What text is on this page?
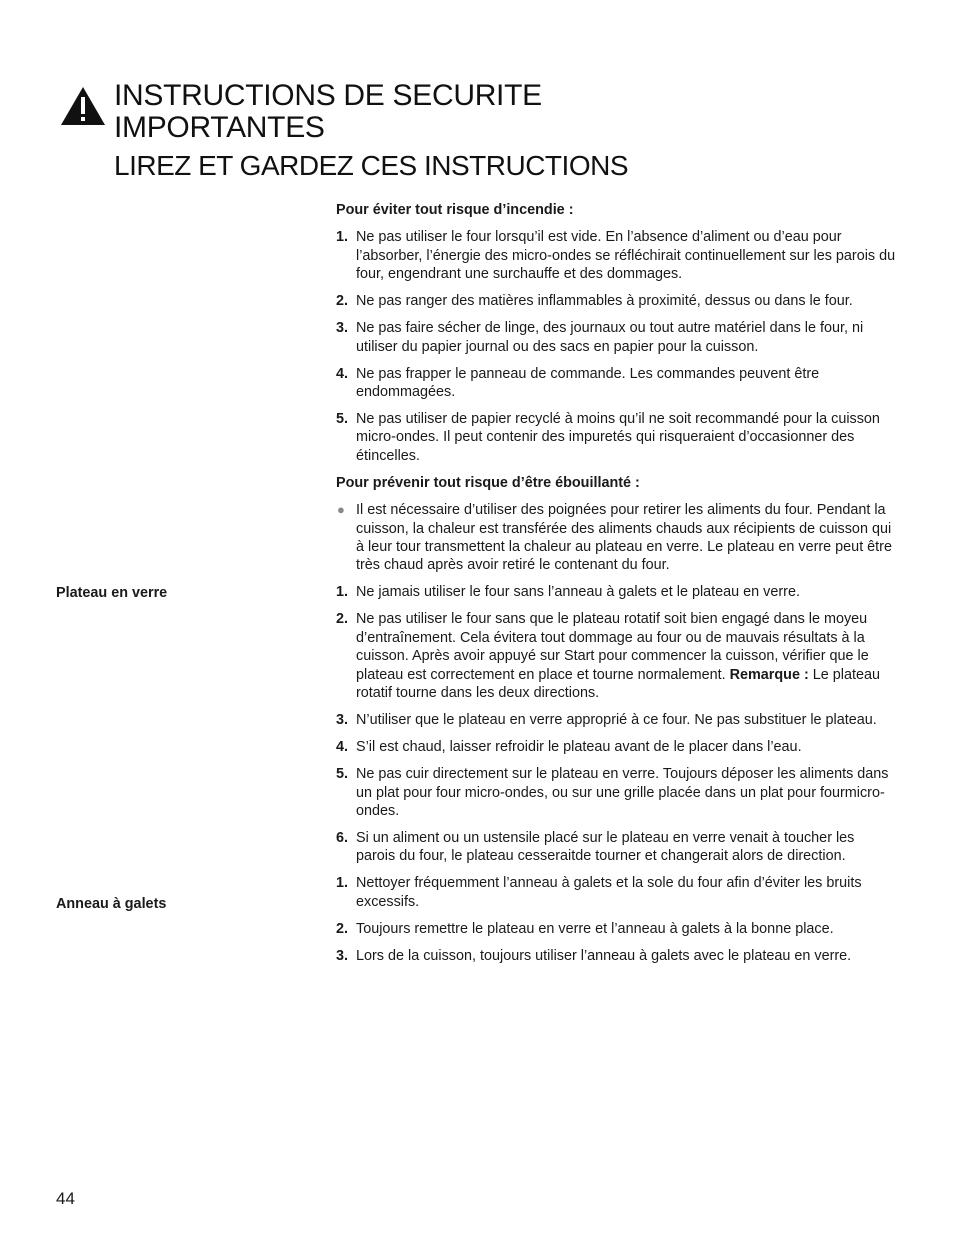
INSTRUCTIONS DE SECURITE
IMPORTANTES
LIREZ ET GARDEZ CES INSTRUCTIONS
Plateau en verre
Anneau à galets

Pour éviter tout risque d’incendie :

1. Ne pas utiliser le four lorsqu’il est vide. En l’absence d’aliment ou d’eau pour l’absorber, l’énergie des micro-ondes se réfléchirait continuellement sur les parois du four, engendrant une surchauffe et des dommages.

2. Ne pas ranger des matières inflammables à proximité, dessus ou dans le four.

3. Ne pas faire sécher de linge, des journaux ou tout autre matériel dans le four, ni utiliser du papier journal ou des sacs en papier pour la cuisson.

4. Ne pas frapper le panneau de commande. Les commandes peuvent être endommagées.

5. Ne pas utiliser de papier recyclé à moins qu’il ne soit recommandé pour la cuisson micro-ondes. Il peut contenir des impuretés qui risqueraient d’occasionner des étincelles.

Pour prévenir tout risque d’être ébouillanté :

● Il est nécessaire d’utiliser des poignées pour retirer les aliments du four. Pendant la cuisson, la chaleur est transférée des aliments chauds aux récipients de cuisson qui à leur tour transmettent la chaleur au plateau en verre. Le plateau en verre peut être très chaud après avoir retiré le contenant du four.

1. Ne jamais utiliser le four sans l’anneau à galets et le plateau en verre.

2. Ne pas utiliser le four sans que le plateau rotatif soit bien engagé dans le moyeu d’entraînement. Cela évitera tout dommage au four ou de mauvais résultats à la cuisson. Après avoir appuyé sur Start pour commencer la cuisson, vérifier que le plateau est correctement en place et tourne normalement. Remarque : Le plateau rotatif tourne dans les deux directions.

3. N’utiliser que le plateau en verre approprié à ce four. Ne pas substituer le plateau.

4. S’il est chaud, laisser refroidir le plateau avant de le placer dans l’eau.

5. Ne pas cuir directement sur le plateau en verre. Toujours déposer les aliments dans un plat pour four micro-ondes, ou sur une grille placée dans un plat pour fourmicro-ondes.

6. Si un aliment ou un ustensile placé sur le plateau en verre venait à toucher les parois du four, le plateau cesseraitde tourner et changerait alors de direction.

1. Nettoyer fréquemment l’anneau à galets et la sole du four afin d’éviter les bruits excessifs.

2. Toujours remettre le plateau en verre et l’anneau à galets à la bonne place.

3. Lors de la cuisson, toujours utiliser l’anneau à galets avec le plateau en verre.

44
